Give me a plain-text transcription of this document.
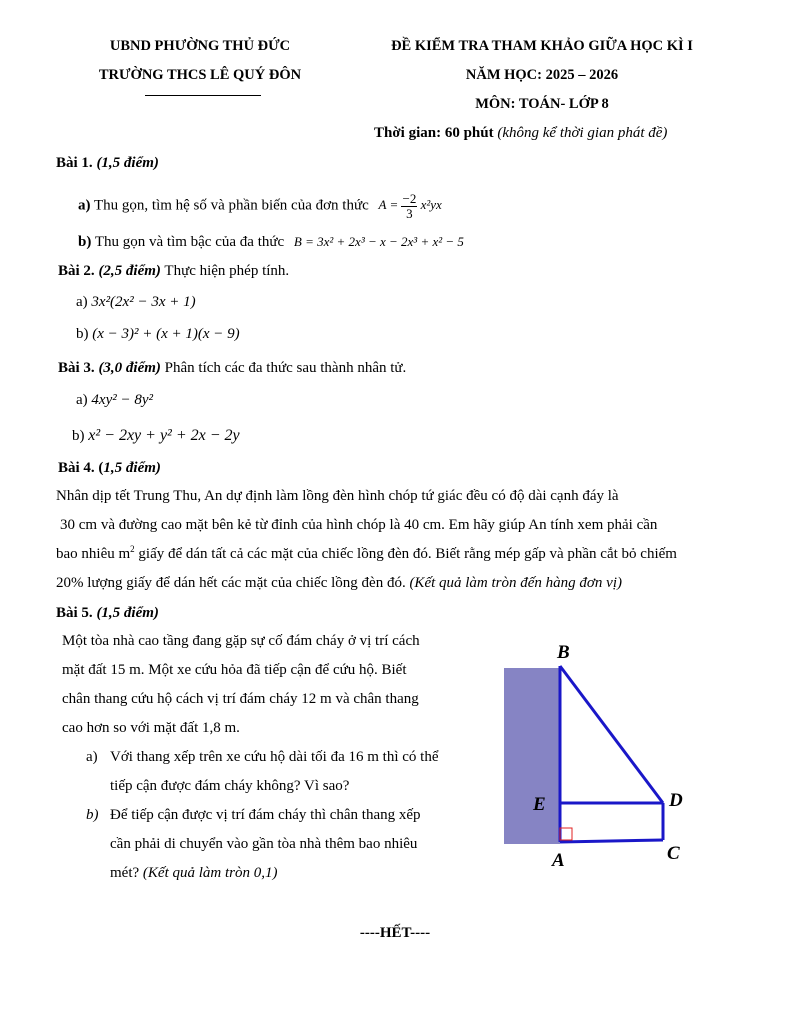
UBND PHƯỜNG THỦ ĐỨC
TRƯỜNG THCS LÊ QUÝ ĐÔN
ĐỀ KIỂM TRA THAM KHẢO GIỮA HỌC KÌ I
NĂM HỌC: 2025 – 2026
MÔN: TOÁN- LỚP 8
Thời gian: 60 phút (không kể thời gian phát đề)
Bài 1. (1,5 điểm)
a) Thu gọn, tìm hệ số và phần biến của đơn thức $A = \frac{-2}{3} x^2yx$
b) Thu gọn và tìm bậc của đa thức B = 3x² + 2x³ − x − 2x³ + x² − 5
Bài 2. (2,5 điểm) Thực hiện phép tính.
a) 3x²(2x² − 3x + 1)
b) (x − 3)² + (x + 1)(x − 9)
Bài 3. (3,0 điểm) Phân tích các đa thức sau thành nhân tử.
a) 4xy² − 8y²
b) x² − 2xy + y² + 2x − 2y
Bài 4. (1,5 điểm)
Nhân dịp tết Trung Thu, An dự định làm lồng đèn hình chóp tứ giác đều có độ dài cạnh đáy là
30 cm và đường cao mặt bên kẻ từ đỉnh của hình chóp là 40 cm. Em hãy giúp An tính xem phải cần
bao nhiêu $m^2$ giấy để dán tất cả các mặt của chiếc lồng đèn đó. Biết rằng mép gấp và phần cắt bỏ chiếm
20% lượng giấy để dán hết các mặt của chiếc lồng đèn đó. (Kết quả làm tròn đến hàng đơn vị)
Bài 5. (1,5 điểm)
Một tòa nhà cao tầng đang gặp sự cố đám cháy ở vị trí cách
mặt đất 15 m. Một xe cứu hỏa đã tiếp cận để cứu hộ. Biết
chân thang cứu hộ cách vị trí đám cháy 12 m và chân thang
cao hơn so với mặt đất 1,8 m.
a) Với thang xếp trên xe cứu hộ dài tối đa 16 m thì có thể
tiếp cận được đám cháy không? Vì sao?
b) Để tiếp cận được vị trí đám cháy thì chân thang xếp
cần phải di chuyển vào gần tòa nhà thêm bao nhiêu
mét? (Kết quả làm tròn 0,1)
B
E	D
A	C
----HẾT----
